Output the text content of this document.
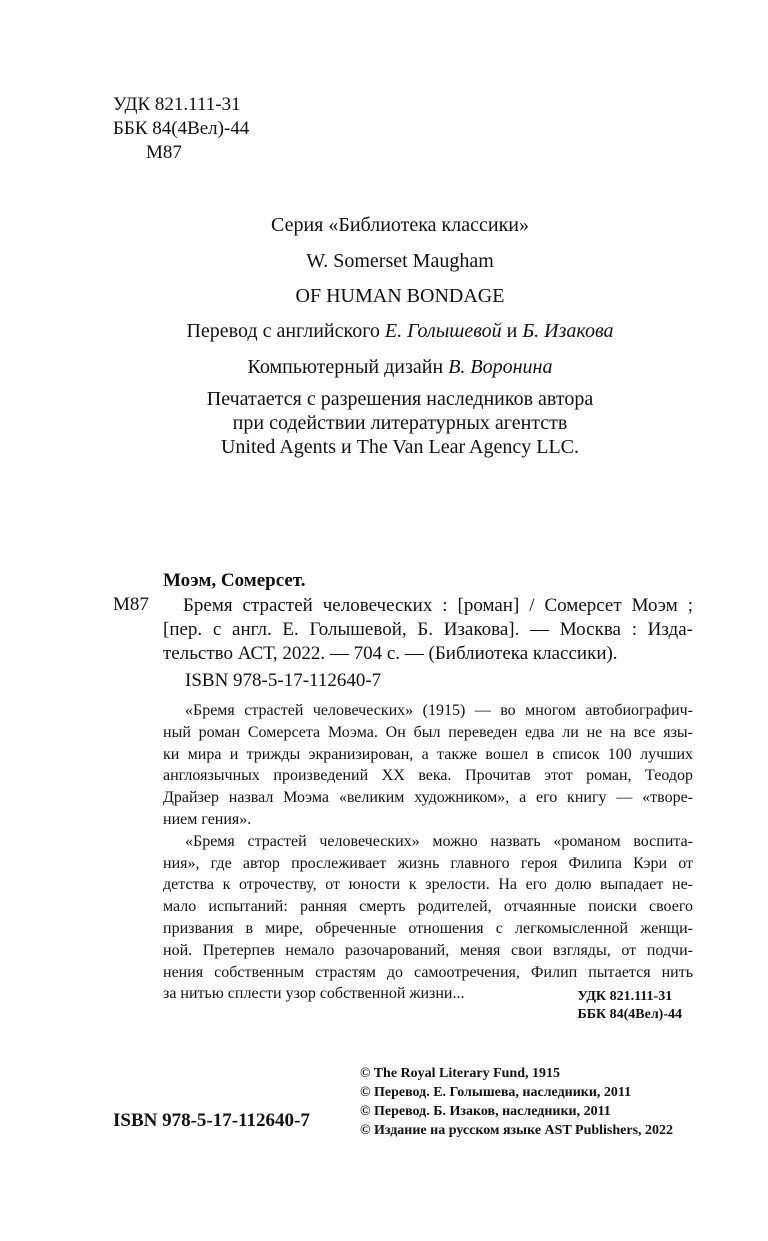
УДК 821.111-31
ББК 84(4Вел)-44
М87
Серия «Библиотека классики»
W. Somerset Maugham
OF HUMAN BONDAGE
Перевод с английского Е. Голышевой и Б. Изакова
Компьютерный дизайн В. Воронина
Печатается с разрешения наследников автора
при содействии литературных агентств
United Agents и The Van Lear Agency LLC.
Моэм, Сомерсет.
М87	Бремя страстей человеческих : [роман] / Сомерсет Моэм ;
[пер. с англ. Е. Голышевой, Б. Изакова]. — Москва : Изда-
тельство АСТ, 2022. — 704 с. — (Библиотека классики).
ISBN 978-5-17-112640-7
«Бремя страстей человеческих» (1915) — во многом автобиографич-
ный роман Сомерсета Моэма. Он был переведен едва ли не на все язы-
ки мира и трижды экранизирован, а также вошел в список 100 лучших
англоязычных произведений XX века. Прочитав этот роман, Теодор
Драйзер назвал Моэма «великим художником», а его книгу — «творе-
нием гения».
«Бремя страстей человеческих» можно назвать «романом воспита-
ния», где автор прослеживает жизнь главного героя Филипа Кэри от
детства к отрочеству, от юности к зрелости. На его долю выпадает не-
мало испытаний: ранняя смерть родителей, отчаянные поиски своего
призвания в мире, обреченные отношения с легкомысленной женщи-
ной. Претерпев немало разочарований, меняя свои взгляды, от подчи-
нения собственным страстям до самоотречения, Филип пытается нить
за нитью сплести узор собственной жизни...	УДК 821.111-31
ББК 84(4Вел)-44
© The Royal Literary Fund, 1915
© Перевод. Е. Голышева, наследники, 2011
© Перевод. Б. Изаков, наследники, 2011
© Издание на русском языке AST Publishers, 2022
ISBN 978-5-17-112640-7
